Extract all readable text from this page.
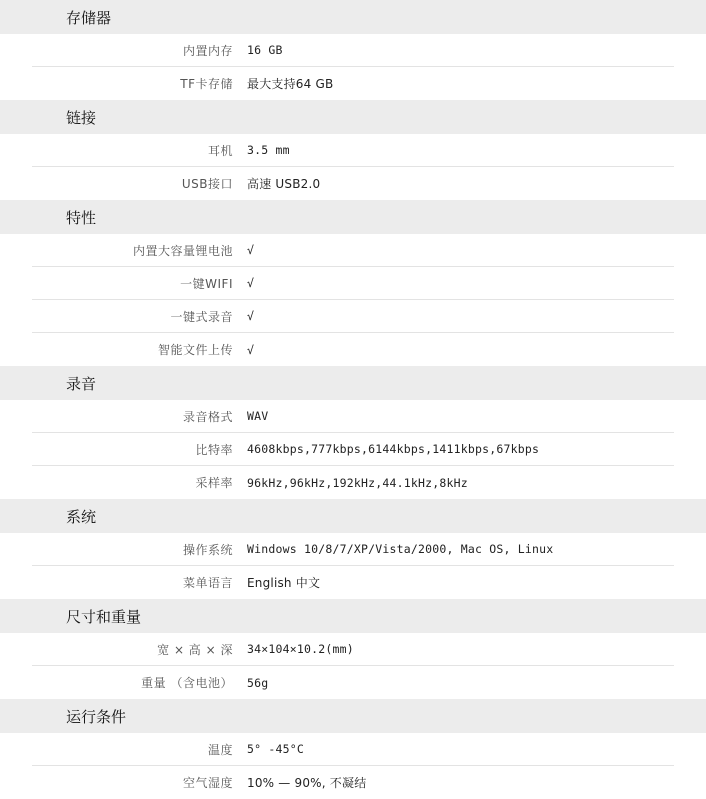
存储器
内置内存 16 GB
TF卡存储 最大支持64 GB
链接
耳机 3.5 mm
USB接口 高速 USB2.0
特性
内置大容量锂电池 √
一键WIFI √
一键式录音 √
智能文件上传 √
录音
录音格式 WAV
比特率 4608kbps,777kbps,6144kbps,1411kbps,67kbps
采样率 96kHz,96kHz,192kHz,44.1kHz,8kHz
系统
操作系统 Windows 10/8/7/XP/Vista/2000, Mac OS, Linux
菜单语言 English 中文
尺寸和重量
宽 × 高 × 深 34×104×10.2(mm)
重量 （含电池） 56g
运行条件
温度 5° -45°C
空气湿度 10% — 90%, 不凝结
